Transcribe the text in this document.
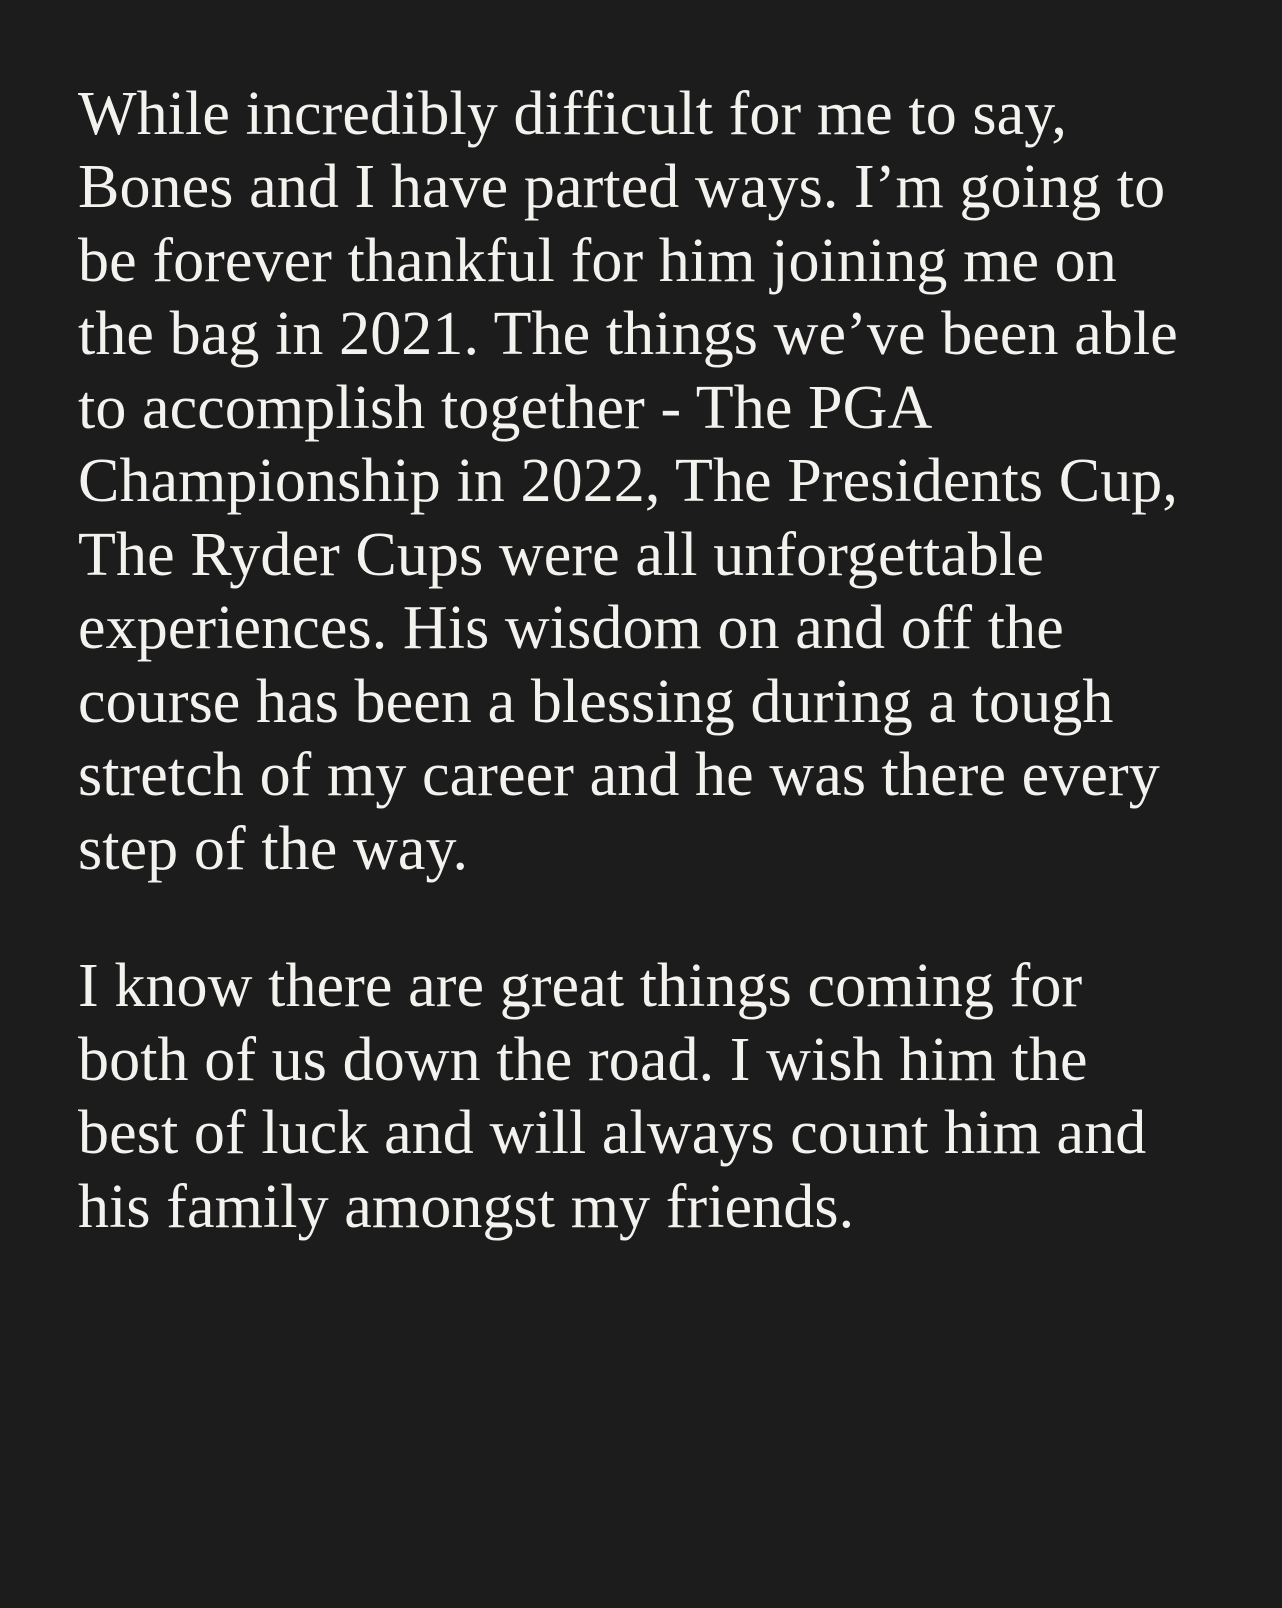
While incredibly difficult for me to say, Bones and I have parted ways. I’m going to be forever thankful for him joining me on the bag in 2021. The things we’ve been able to accomplish together - The PGA Championship in 2022, The Presidents Cup, The Ryder Cups were all unforgettable experiences. His wisdom on and off the course has been a blessing during a tough stretch of my career and he was there every step of the way.

I know there are great things coming for both of us down the road. I wish him the best of luck and will always count him and his family amongst my friends.
